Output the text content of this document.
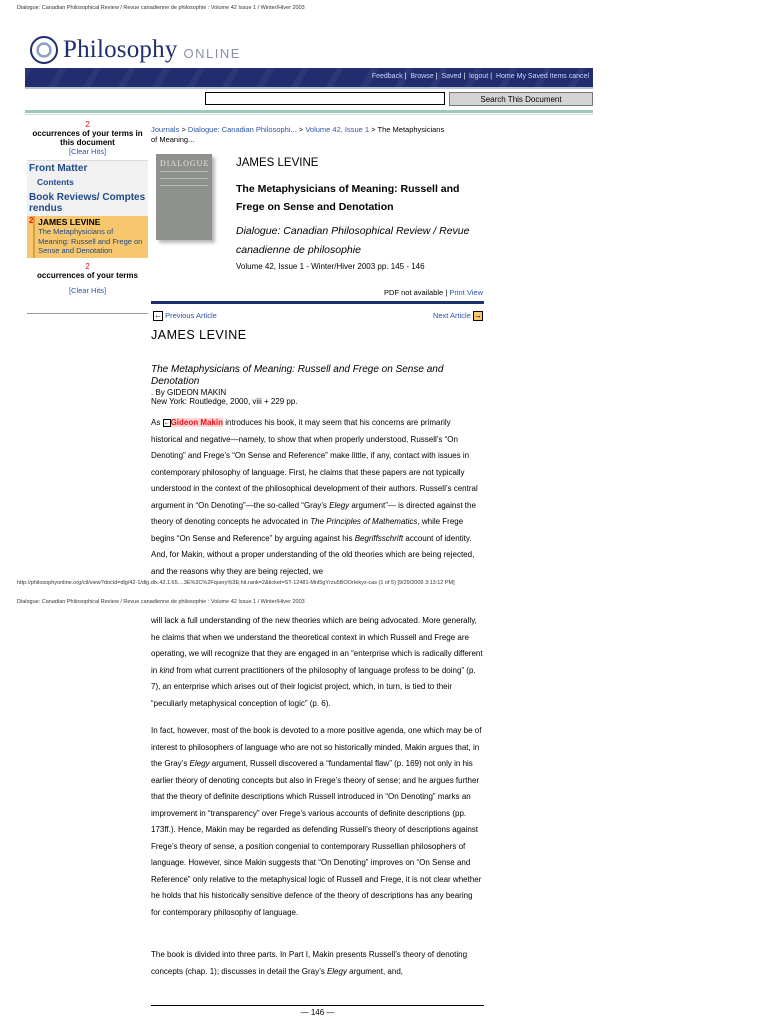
Dialogue: Canadian Philosophical Review / Revue canadienne de philosophie : Volume 42 Issue 1 / Winter/Hiver 2003
Dialogue: Canadian Philosophical Review / Revue canadienne de philosophie : Volume 42 Issue 1 / Winter/Hiver 2003
Philosophy ONLINE
Feedback | Browse | Saved | logout | Home My Saved Items cancel
Search This Document
2
occurrences of your terms in this document
[Clear Hits]
Front Matter
Contents
Book Reviews/ Comptes rendus
2 JAMES LEVINE
The Metaphysicians of Meaning: Russell and Frege on Sense and Denotation
2
occurrences of your terms
[Clear Hits]
Journals > Dialogue: Canadian Philosophi... > Volume 42, Issue 1 > The Metaphysicians of Meaning...
DIALOGUE JAMES LEVINE
The Metaphysicians of Meaning: Russell and Frege on Sense and Denotation
Dialogue: Canadian Philosophical Review / Revue canadienne de philosophie
Volume 42, Issue 1 - Winter/Hiver 2003 pp. 145 - 146
PDF not available | Print View
← Previous Article	Next Article →
JAMES LEVINE
The Metaphysicians of Meaning: Russell and Frege on Sense and Denotation
. By GIDEON MAKIN
New York: Routledge, 2000, viii + 229 pp.
As ←Gideon Makin introduces his book, it may seem that his concerns are primarily historical and negative—namely, to show that when properly understood, Russell’s “On Denoting” and Frege’s “On Sense and Reference” make little, if any, contact with issues in contemporary philosophy of language. First, he claims that these papers are not typically understood in the context of the philosophical development of their authors. Russell’s central argument in “On Denoting”—the so-called “Gray’s Elegy argument”— is directed against the theory of denoting concepts he advocated in The Principles of Mathematics, while Frege begins “On Sense and Reference” by arguing against his Begriffsschrift account of identity. And, for Makin, without a proper understanding of the old theories which are being rejected, and the reasons why they are being rejected, we
http://philosophyonline.org/ctl/view?docId=dlg/42-1/dlg.dlx.42.1.65....3E%3C%2Fquery%3E;hit.rank=2&ticket=ST-12481-Mnl5gYrzu5BOOrIekyx-cas (1 of 5) [9/29/2009 3:13:12 PM]
will lack a full understanding of the new theories which are being advocated. More generally, he claims that when we understand the theoretical context in which Russell and Frege are operating, we will recognize that they are engaged in an “enterprise which is radically different in kind from what current practitioners of the philosophy of language profess to be doing” (p. 7), an enterprise which arises out of their logicist project, which, in turn, is tied to their “peculiarly metaphysical conception of logic” (p. 6).
In fact, however, most of the book is devoted to a more positive agenda, one which may be of interest to philosophers of language who are not so historically minded. Makin argues that, in the Gray’s Elegy argument, Russell discovered a “fundamental flaw” (p. 169) not only in his earlier theory of denoting concepts but also in Frege’s theory of sense; and he argues further that the theory of definite descriptions which Russell introduced in “On Denoting” marks an improvement in “transparency” over Frege’s various accounts of definite descriptions (pp. 173ff.). Hence, Makin may be regarded as defending Russell’s theory of descriptions against Frege’s theory of sense, a position congenial to contemporary Russellian philosophers of language. However, since Makin suggests that “On Denoting” improves on “On Sense and Reference” only relative to the metaphysical logic of Russell and Frege, it is not clear whether he holds that his historically sensitive defence of the theory of descriptions has any bearing for contemporary philosophy of language.
The book is divided into three parts. In Part I, Makin presents Russell’s theory of denoting concepts (chap. 1); discusses in detail the Gray’s Elegy argument, and,
— 146 —
